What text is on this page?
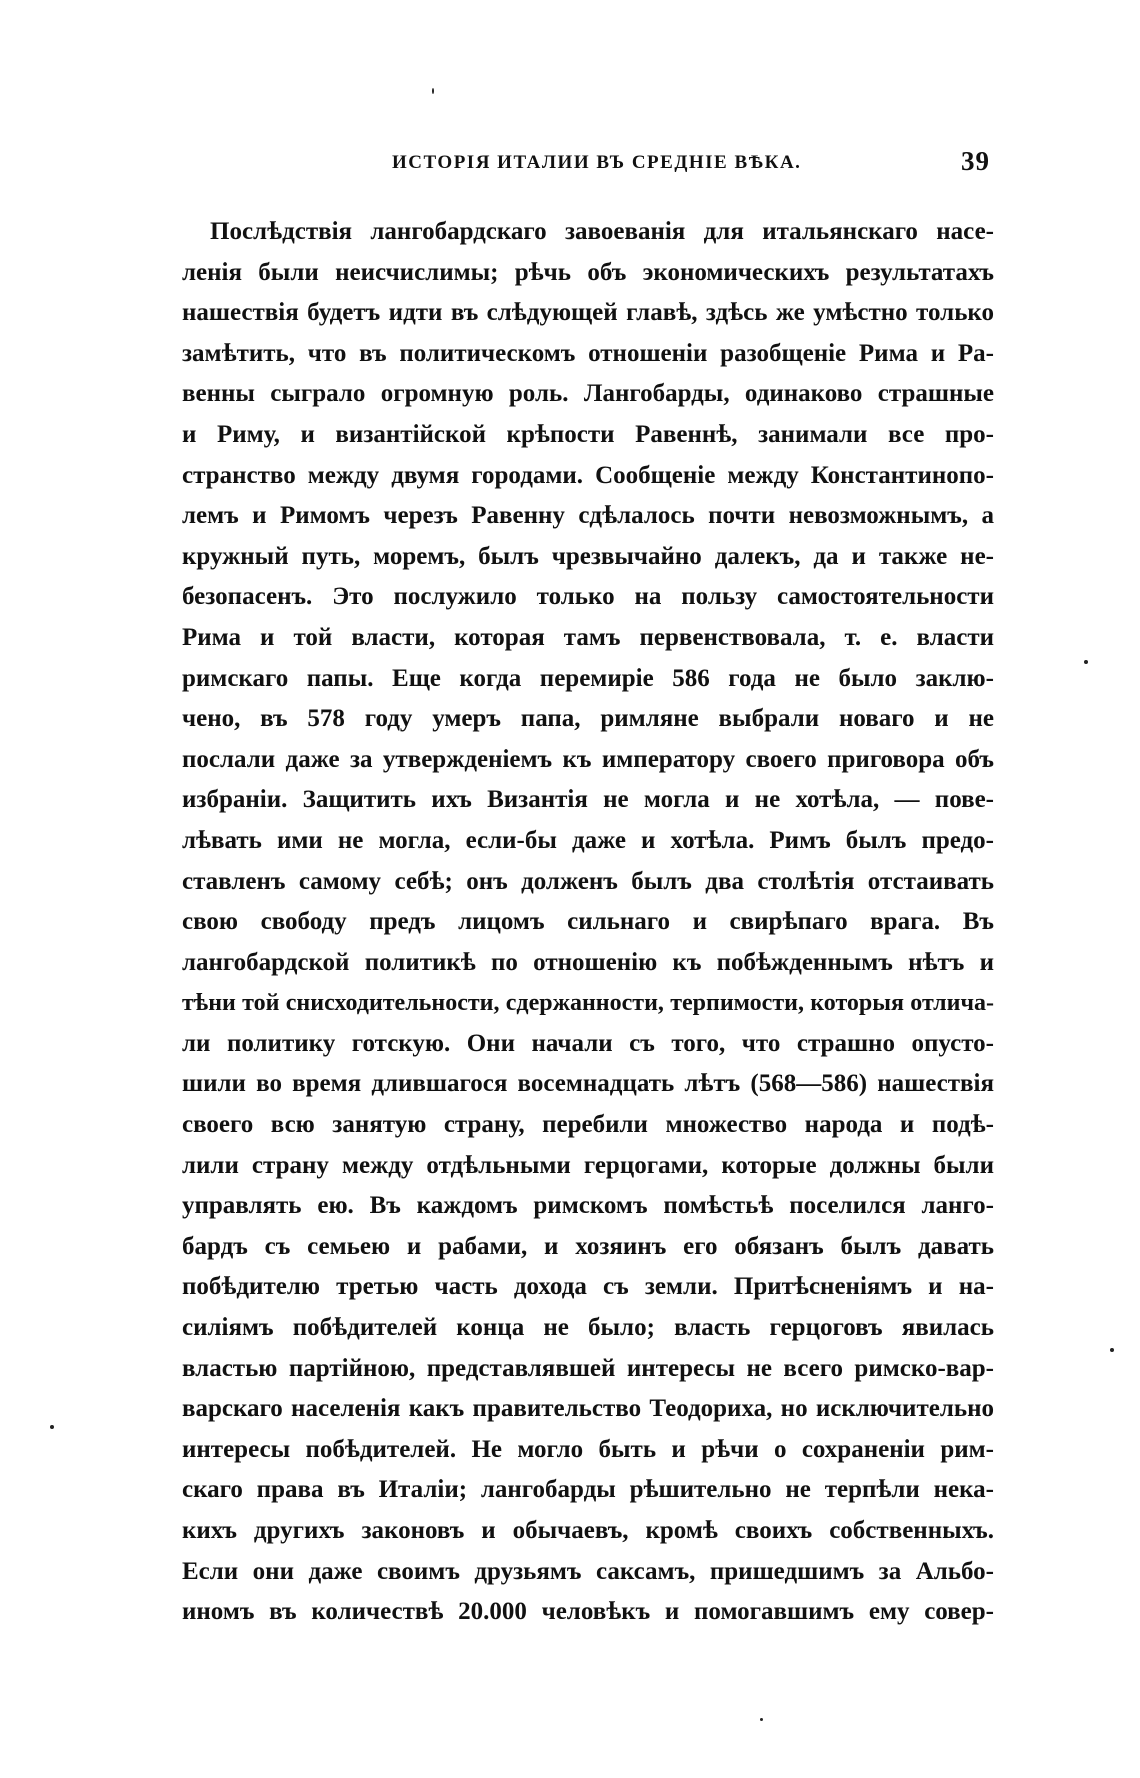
ИСТОРІЯ ИТАЛИИ ВЪ СРЕДНІЕ ВѢКА.	39
Послѣдствія лангобардскаго завоеванія для итальянскаго насе-
ленія были неисчислимы; рѣчь объ экономическихъ результатахъ
нашествія будетъ идти въ слѣдующей главѣ, здѣсь же умѣстно только
замѣтить, что въ политическомъ отношеніи разобщеніе Рима и Ра-
венны сыграло огромную роль. Лангобарды, одинаково страшные
и Риму, и византійской крѣпости Равеннѣ, занимали все про-
странство между двумя городами. Сообщеніе между Константинопо-
лемъ и Римомъ черезъ Равенну сдѣлалось почти невозможнымъ, а
кружный путь, моремъ, былъ чрезвычайно далекъ, да и также не-
безопасенъ. Это послужило только на пользу самостоятельности
Рима и той власти, которая тамъ первенствовала, т. е. власти
римскаго папы. Еще когда перемиріе 586 года не было заклю-
чено, въ 578 году умеръ папа, римляне выбрали новаго и не
послали даже за утвержденіемъ къ императору своего приговора объ
избраніи. Защитить ихъ Византія не могла и не хотѣла, — пове-
лѣвать ими не могла, если-бы даже и хотѣла. Римъ былъ предо-
ставленъ самому себѣ; онъ долженъ былъ два столѣтія отстаивать
свою свободу предъ лицомъ сильнаго и свирѣпаго врага. Въ
лангобардской политикѣ по отношенію къ побѣжденнымъ нѣтъ и
тѣни той снисходительности, сдержанности, терпимости, которыя отлича-
ли политику готскую. Они начали съ того, что страшно опусто-
шили во время длившагося восемнадцать лѣтъ (568—586) нашествія
своего всю занятую страну, перебили множество народа и подѣ-
лили страну между отдѣльными герцогами, которые должны были
управлять ею. Въ каждомъ римскомъ помѣстьѣ поселился ланго-
бардъ съ семьею и рабами, и хозяинъ его обязанъ былъ давать
побѣдителю третью часть дохода съ земли. Притѣсненіямъ и на-
силіямъ побѣдителей конца не было; власть герцоговъ явилась
властью партійною, представлявшей интересы не всего римско-вар-
варскаго населенія какъ правительство Теодориха, но исключительно
интересы побѣдителей. Не могло быть и рѣчи о сохраненіи рим-
скаго права въ Италіи; лангобарды рѣшительно не терпѣли нека-
кихъ другихъ законовъ и обычаевъ, кромѣ своихъ собственныхъ.
Если они даже своимъ друзьямъ саксамъ, пришедшимъ за Альбо-
иномъ въ количествѣ 20.000 человѣкъ и помогавшимъ ему совер-
